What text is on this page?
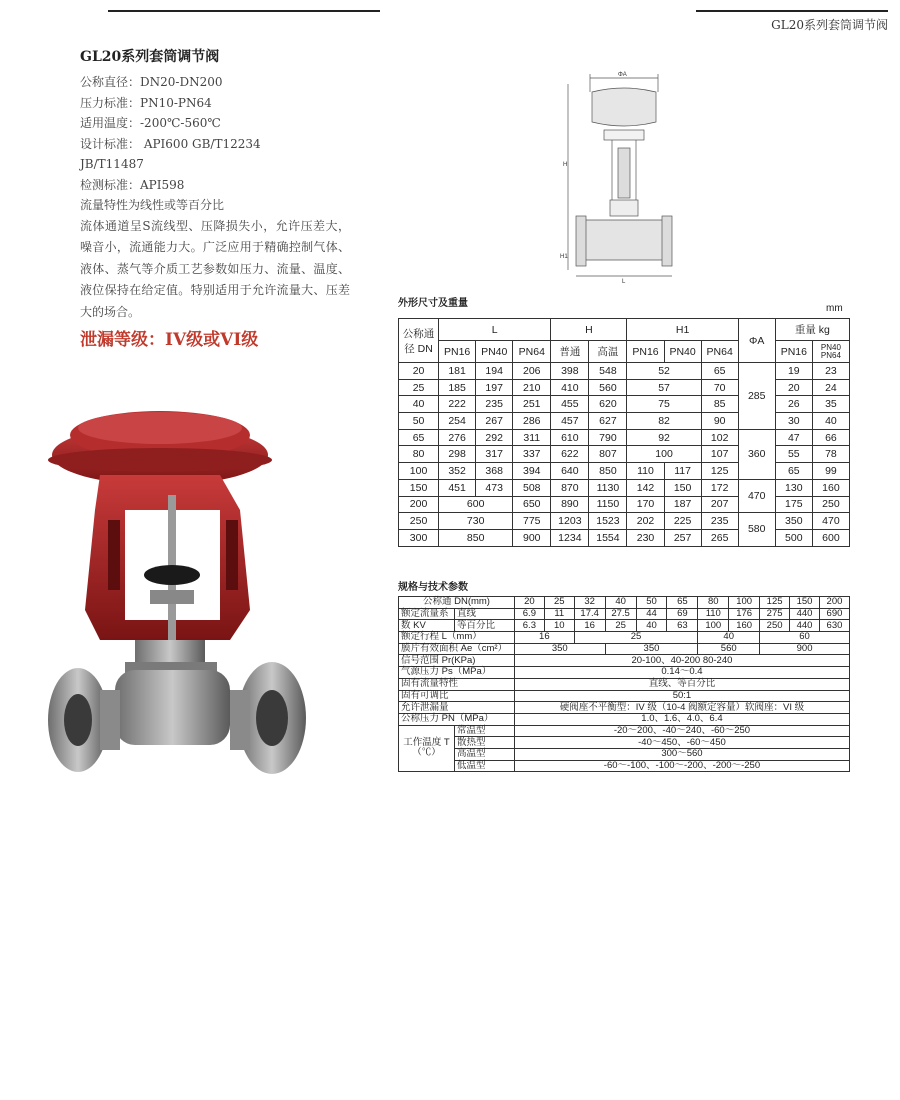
GL20系列套筒调节阀
GL20系列套筒调节阀
公称直径：DN20-DN200
压力标准：PN10-PN64
适用温度：-200℃-560℃
设计标准： API600 GB/T12234
JB/T11487
检测标准：API598
流量特性为线性或等百分比
流体通道呈S流线型、压降损失小，允许压差大，噪音小，流通能力大。广泛应用于精确控制气体、液体、蒸气等介质工艺参数如压力、流量、温度、液位保持在给定值。特别适用于允许流量大、压差大的场合。
泄漏等级：IV级或VI级
ΦA
H
H1
L
外形尺寸及重量	mm
公称通径 DN	L			H		H1			ΦA	重量 kg	
	PN16	PN40	PN64	普通	高温	PN16	PN40	PN64		PN16	PN40 PN64
20	181	194	206	398	548	52		65	285	19	23
25	185	197	210	410	560	57		70		20	24
40	222	235	251	455	620	75		85		26	35
50	254	267	286	457	627	82		90		30	40
65	276	292	311	610	790	92		102	360	47	66
80	298	317	337	622	807	100		107		55	78
100	352	368	394	640	850	110	117	125		65	99
150	451	473	508	870	1130	142	150	172	470	130	160
200	600		650	890	1150	170	187	207		175	250
250	730		775	1203	1523	202	225	235	580	350	470
300	850		900	1234	1554	230	257	265		500	600
规格与技术参数
公称通 DN(mm)		20	25	32	40	50	65	80	100	125	150	200
额定流量系	直线	6.9	11	17.4	27.5	44	69	110	176	275	440	690
数 KV	等百分比	6.3	10	16	25	40	63	100	160	250	440	630
额定行程 L（mm）		16		25				40		60		
膜片有效面积 Ae（cm²）		350			350			560		900		
信号范围 Pr(KPa)		20-100、40-200 80-240										
气源压力 Ps（MPa）		0.14～0.4										
固有流量特性		直线、等百分比										
固有可调比		50:1										
允许泄漏量		硬阀座不平衡型：IV 级（10-4 阀额定容量）软阀座：VI 级										
公称压力 PN（MPa）		1.0、1.6、4.0、6.4										

工作温度 T
（℃）	常温型	-20～200、-40～240、-60～250										
	散热型	-40～450、-60～450										
	高温型	300～560										
	低温型	-60～-100、-100～-200、-200～-250										
